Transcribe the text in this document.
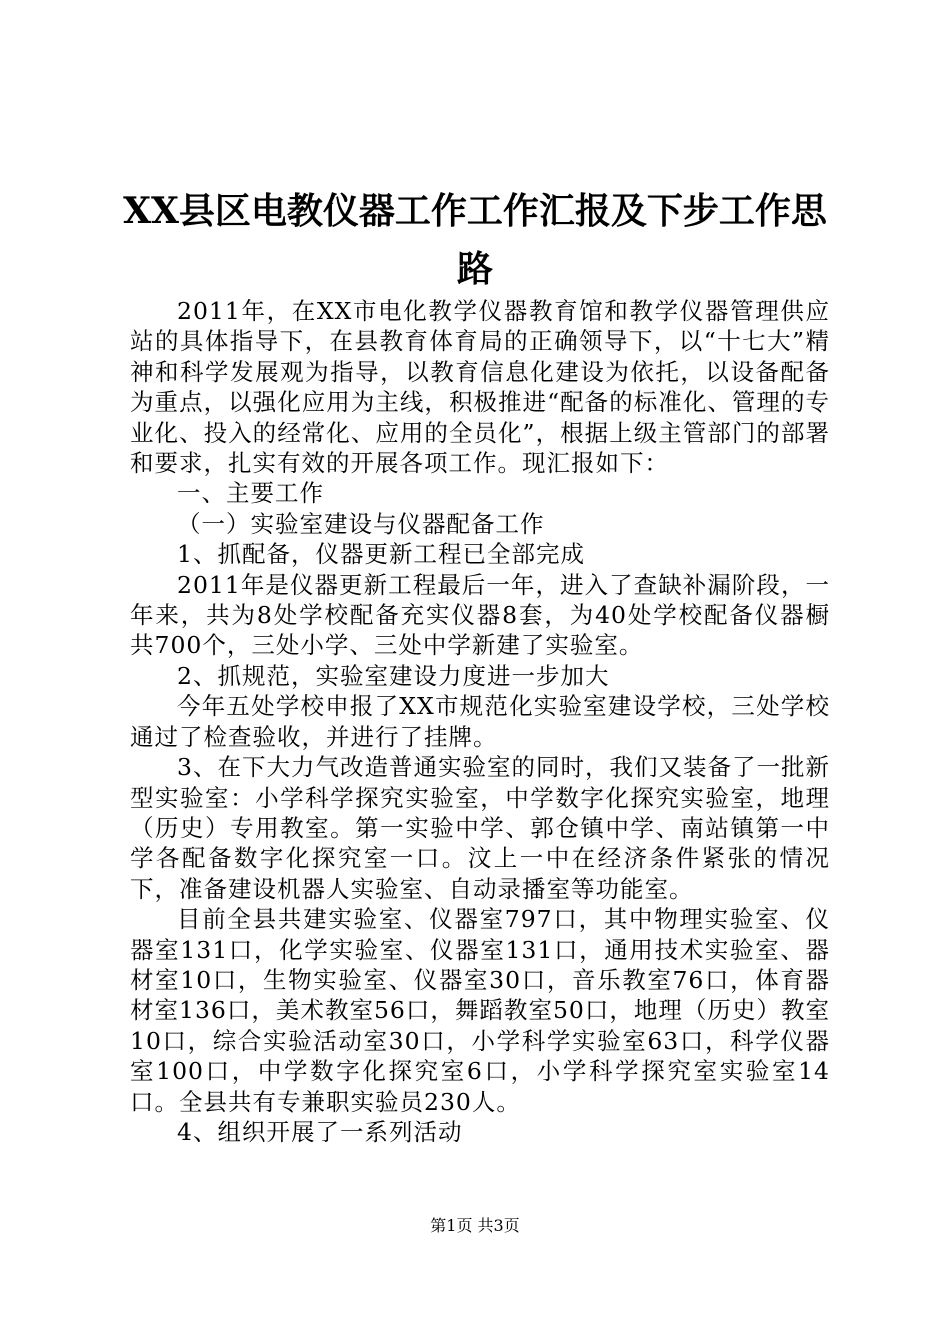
XX县区电教仪器工作工作汇报及下步工作思路

2011年，在XX市电化教学仪器教育馆和教学仪器管理供应站的具体指导下，在县教育体育局的正确领导下，以“十七大”精神和科学发展观为指导，以教育信息化建设为依托，以设备配备为重点，以强化应用为主线，积极推进“配备的标准化、管理的专业化、投入的经常化、应用的全员化”，根据上级主管部门的部署和要求，扎实有效的开展各项工作。现汇报如下：

一、主要工作

（一）实验室建设与仪器配备工作

1、抓配备，仪器更新工程已全部完成

2011年是仪器更新工程最后一年，进入了查缺补漏阶段，一年来，共为8处学校配备充实仪器8套，为40处学校配备仪器橱共700个，三处小学、三处中学新建了实验室。

2、抓规范，实验室建设力度进一步加大

今年五处学校申报了XX市规范化实验室建设学校，三处学校通过了检查验收，并进行了挂牌。

3、在下大力气改造普通实验室的同时，我们又装备了一批新型实验室：小学科学探究实验室，中学数字化探究实验室，地理（历史）专用教室。第一实验中学、郭仓镇中学、南站镇第一中学各配备数字化探究室一口。汶上一中在经济条件紧张的情况下，准备建设机器人实验室、自动录播室等功能室。

目前全县共建实验室、仪器室797口，其中物理实验室、仪器室131口，化学实验室、仪器室131口，通用技术实验室、器材室10口，生物实验室、仪器室30口，音乐教室76口，体育器材室136口，美术教室56口，舞蹈教室50口，地理（历史）教室10口，综合实验活动室30口，小学科学实验室63口，科学仪器室100口，中学数字化探究室6口，小学科学探究室实验室14口。全县共有专兼职实验员230人。

4、组织开展了一系列活动

第1页 共3页
